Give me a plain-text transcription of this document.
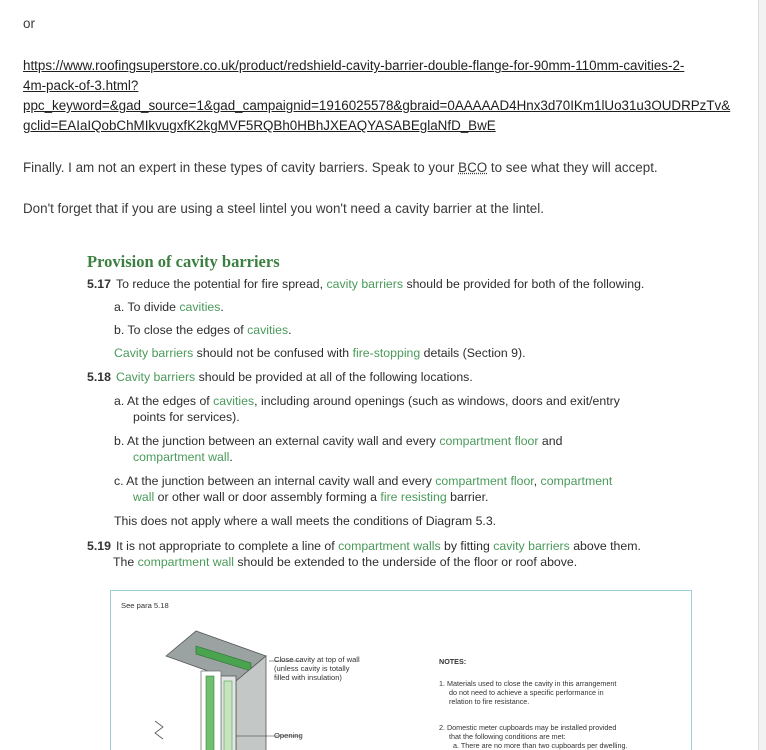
or
https://www.roofingsuperstore.co.uk/product/redshield-cavity-barrier-double-flange-for-90mm-110mm-cavities-2-
4m-pack-of-3.html?
ppc_keyword=&gad_source=1&gad_campaignid=1916025578&gbraid=0AAAAAD4Hnx3d70IKm1lUo31u3OUDRPzTv&
gclid=EAIaIQobChMIkvugxfK2kgMVF5RQBh0HBhJXEAQYASABEglaNfD_BwE
Finally. I am not an expert in these types of cavity barriers. Speak to your BCO to see what they will accept.
Don't forget that if you are using a steel lintel you won't need a cavity barrier at the lintel.
Provision of cavity barriers
5.17 To reduce the potential for fire spread, cavity barriers should be provided for both of the following.
a. To divide cavities.
b. To close the edges of cavities.
Cavity barriers should not be confused with fire-stopping details (Section 9).
5.18 Cavity barriers should be provided at all of the following locations.
a. At the edges of cavities, including around openings (such as windows, doors and exit/entry
points for services).
b. At the junction between an external cavity wall and every compartment floor and
compartment wall.
c. At the junction between an internal cavity wall and every compartment floor, compartment
wall or other wall or door assembly forming a fire resisting barrier.
This does not apply where a wall meets the conditions of Diagram 5.3.
5.19 It is not appropriate to complete a line of compartment walls by fitting cavity barriers above them.
The compartment wall should be extended to the underside of the floor or roof above.
See para 5.18
Close cavity at top of wall
(unless cavity is totally
filled with insulation)
Opening
NOTES:
1. Materials used to close the cavity in this arrangement
do not need to achieve a specific performance in
relation to fire resistance.
2. Domestic meter cupboards may be installed provided
that the following conditions are met:
a. There are no more than two cupboards per dwelling.
